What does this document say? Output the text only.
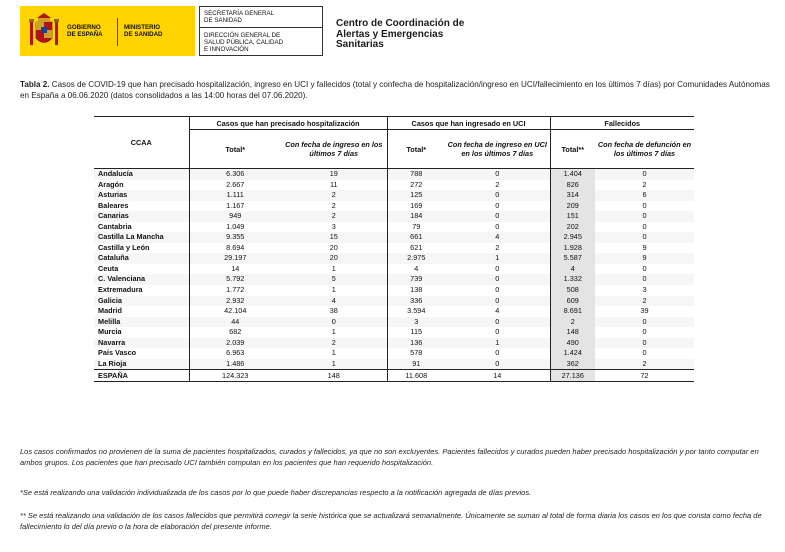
GOBIERNO
DE ESPAÑA
MINISTERIO
DE SANIDAD
SECRETARÍA GENERAL
DE SANIDAD
DIRECCIÓN GENERAL DE
SALUD PÚBLICA, CALIDAD
E INNOVACIÓN
Centro de Coordinación de
Alertas y Emergencias
Sanitarias
Tabla 2. Casos de COVID-19 que han precisado hospitalización, ingreso en UCI y fallecidos (total y confecha de hospitalización/ingreso en UCI/fallecimiento en los últimos 7 días) por Comunidades Autónomas en España a 06.06.2020 (datos consolidados a las 14:00 horas del 07.06.2020).
CCAA	Casos que han precisado hospitalización		Casos que han ingresado en UCI		Fallecidos	
	Total*	Con fecha de ingreso en los últimos 7 días	Total*	Con fecha de ingreso en UCI en los últimos 7 días	Total**	Con fecha de defunción en los últimos 7 días
Andalucía	6.306	19	788	0	1.404	0
Aragón	2.667	11	272	2	826	2
Asturias	1.111	2	125	0	314	6
Baleares	1.167	2	169	0	209	0
Canarias	949	2	184	0	151	0
Cantabria	1.049	3	79	0	202	0
Castilla La Mancha	9.355	15	661	4	2.945	0
Castilla y León	8.694	20	621	2	1.928	9
Cataluña	29.197	20	2.975	1	5.587	9
Ceuta	14	1	4	0	4	0
C. Valenciana	5.792	5	739	0	1.332	0
Extremadura	1.772	1	138	0	508	3
Galicia	2.932	4	336	0	609	2
Madrid	42.104	38	3.594	4	8.691	39
Melilla	44	0	3	0	2	0
Murcia	682	1	115	0	148	0
Navarra	2.039	2	136	1	490	0
País Vasco	6.963	1	578	0	1.424	0
La Rioja	1.486	1	91	0	362	2
ESPAÑA	124.323	148	11.608	14	27.136	72
Los casos confirmados no provienen de la suma de pacientes hospitalizados, curados y fallecidos, ya que no son excluyentes. Pacientes fallecidos y curados pueden haber precisado hospitalización y por tanto computar en ambos grupos. Los pacientes que han precisado UCI también computan en los pacientes que han requerido hospitalización.
*Se está realizando una validación individualizada de los casos por lo que puede haber discrepancias respecto a la notificación agregada de días previos.
** Se está realizando una validación de los casos fallecidos que permitirá corregir la serie histórica que se actualizará semanalmente. Únicamente se suman al total de forma diaria los casos en los que consta como fecha de fallecimiento lo del día previo o la hora de elaboración del presente informe.
